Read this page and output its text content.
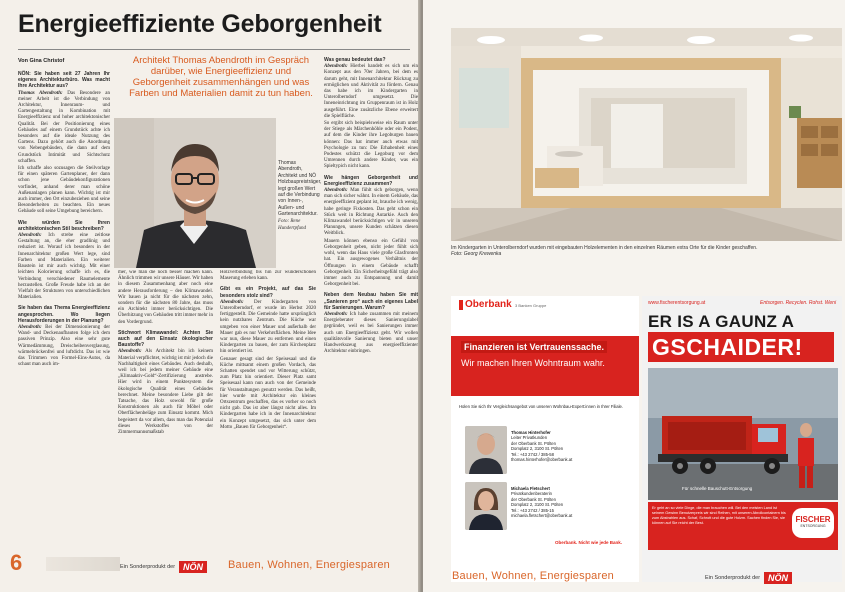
Energieeffiziente Geborgenheit
Von Gina Christof

NÖN: Sie haben seit 27 Jahren Ihr eigenes Architekturbüro. Was macht Ihre Architektur aus?

Thomas Abendroth: Das Besondere an meiner Arbeit ist die Verbindung von Architektur, Innenraum- und Gartengestaltung in Kombination mit Energieeffizienz und hoher architektonischer Qualität. Bei der Positionierung eines Gebäudes auf einem Grundstück achte ich besonders auf die ideale Nutzung des Gartens. Dazu gehört auch die Anordnung von Nebengebäuden, die dann auf dem Grundstück Intimität und Sichtschutz schaffen.

Ich schaffe also sozusagen die Steilvorlage für einen späteren Gartenplaner, der dann schon jene Gebäudekonfigurationen vorfindet, anhand derer man schöne Außenanlagen planen kann. Wichtig ist mir auch immer, den Ort einzubeziehen und seine Besonderheiten zu beachten. Ein neues Gebäude soll seine Umgebung bereichern.

Wie würden Sie Ihren architektonischen Stil beschreiben?

Abendroth: Ich strebe eine zeitlose Gestaltung an, die eher gradlinig und reduziert ist. Worauf ich besonders in der Innenarchitektur großen Wert lege, sind Farben und Materialien. Ein weiterer Baustein ist mir auch wichtig. Mit einer leichten Kolorierung schaffe ich es, die Verbindung verschiedener Raumelemente herzustellen. Große Freude habe ich an der Vielfalt der Strukturen von unterschiedlichen Materialien.

Sie haben das Thema Energieeffizienz angesprochen. Wo liegen Herausforderungen in der Planung?

Abendroth: Bei der Dimensionierung der Wand- und Deckenaufbauten folge ich dem passiven Prinzip. Also eine sehr gute Wärmedämmung, Dreischeibenverglasung, wärmebrückenfrei und luftdicht. Das ist wie das Trimmen von Formel-Eins-Autos, da schaut man auch im-

Architekt Thomas Abendroth im Gespräch darüber, wie Energieeffizienz und Geborgenheit zusammenhängen und was Farben und Materialien damit zu tun haben.
Thomas Abendroth, Architekt und NÖ Holzbaupreisträger, legt großen Wert auf die Verbindung von Innen-, Außen- und Gartenarchitektur. Foto: Rene Hundertpfund

mer, wie man die noch besser machen kann. Ähnlich trimmen wir unsere Häuser. Wir haben in diesem Zusammenhang aber noch eine andere Herausforderung – den Klimawandel. Wir bauen ja nicht für die nächsten zehn, sondern für die nächsten 80 Jahre, das muss ein Architekt immer berücksichtigen. Die Überhitzung von Gebäuden tritt immer mehr in den Vordergrund.

Stichwort Klimawandel: Achten Sie auch auf den Einsatz ökologischer Baustoffe?

Abendroth: Als Architekt bin ich keinem Material verpflichtet, wichtig ist mir jedoch die Nachhaltigkeit eines Gebäudes. Auch deshalb, weil ich bei jedem meiner Gebäude eine „Klimaaktiv-Gold“-Zertifizierung anstrebe. Hier wird in einem Punktesystem die ökologische Qualität eines Gebäudes berechnet. Meine besondere Liebe gilt der Tatsache, das Holz sowohl für große Konstruktionen als auch für Möbel oder Oberflächenbeläge zum Einsatz kommt. Mich begeistert da vor allem, dass man das Potenzial dieses Werkstoffes von der Zimmermannsmaßstab

Holzverbindung bis hin zur wunderschönen Maserung erleben kann.

Gibt es ein Projekt, auf das Sie besonders stolz sind?

Abendroth: Der Kindergarten von Unterolberndorf, er wurde im Herbst 2020 fertiggestellt. Die Gemeinde hatte ursprünglich kein nutzbares Zentrum. Die Küche war umgeben von einer Mauer und außerhalb der Mauer gab es nur Verkehrsflächen. Meine Idee war nun, diese Mauer zu entfernen und einen Kindergarten zu bauen, der zum Kirchenplatz hin orientiert ist.

Genauer gesagt sind der Speisesaal und die Küche mittsamt einem großen Vordach, das Schatten spendet und vor Witterung schützt, zum Platz hin orientiert. Dieser Platz samt Speisesaal kann nun auch von der Gemeinde für Veranstaltungen genutzt werden. Das heißt, hier wurde mit Architektur ein kleines Ortszentrum geschaffen, das es vorher so noch nicht gab. Das ist aber längst nicht alles. Im Kindergarten habe ich in der Innenarchitektur ein Konzept umgesetzt, das sich unter dem Motto „Bauen für Geborgenheit“.

Was genau bedeutet das?

Abendroth: Hierbei handelt es sich um ein Konzept aus den 70er Jahren, bei dem es darum geht, mit Innenarchitektur Rückzug zu ermöglichen und Aktivität zu fördern. Genau das habe ich im Kindergarten in Unterolberndorf umgesetzt. Die Inneneinrichtung im Gruppenraum ist in Holz ausgeführt. Eine zusätzliche Ebene erweitert die Spielfläche.

So ergibt sich beispielsweise ein Raum unter der Stiege als Märchenhöhle oder ein Podest, auf dem die Kinder ihre Legoburgen bauen können: Das hat immer auch etwas mit Psychologie zu tun: Die Erhabenheit eines Podestes schützt die Legoburg vor dem Umrennen durch andere Kinder, was ein Spieltypich nicht kann.

Wie hängen Geborgenheit und Energieeffizienz zusammen?

Abendroth: Man fühlt sich geborgen, wenn man sich sicher wähnt. In einem Gebäude, das energieeffizient geplant ist, brauche ich wenig, habe geringe Fixkosten. Das geht schon ein Stück weit in Richtung Autarkie. Auch den Klimawandel berücksichtigen wir in unseren Planungen, unsere Kunden schätzen diesen Weitblick.

Mauern können ebenso ein Gefühl von Geborgenheit geben, nicht jeder fühlt sich wohl, wenn das Haus viele große Glasfronten hat. Ein ausgewogenes Verhältnis der Öffnungen in einem Gebäude schafft Geborgenheit. Ein Sicherheitsgefühl trägt also immer auch zu Entspannung und damit Geborgenheit bei.

Neben dem Neubau haben Sie mit „Sanieren pro“ auch ein eigenes Label für Sanierungen. Warum?

Abendroth: Ich habe zusammen mit meinem Energieberater dieses Sanierungslabel gegründet, weil es bei Sanierungen immer auch um Energieeffizienz geht. Wir wollen qualitätsvolle Sanierung bieten und unser Handwerkszeug aus energieeffizienter Architektur einbringen.

6	Ein Sonderprodukt der NÖN	Bauen, Wohnen, Energiesparen
Im Kindergarten in Unterolberndorf wurden mit eingebauten Holzelementen in den einzelnen Räumen extra Orte für die Kinder geschaffen.
Foto: Georg Krewenka
Oberbank 3 Banken Gruppe
Finanzieren ist Vertrauenssache.
Wir machen Ihren Wohntraum wahr.
Holen Sie sich Ihr Vergleichsangebot von unseren Wohnbau-Expert:innen in Ihrer Filiale.
Thomas Hinterhofer
Leiter Privatkunden
der Oberbank St. Pölten
Domplatz 2, 3100 St. Pölten
Tel.: +43 2742 / 385-58
thomas.hinterhofer@oberbank.at
Michaela Fletschert
Privatkundenberaterin
der Oberbank St. Pölten
Domplatz 2, 3100 St. Pölten
Tel.: +43 2742 / 385-15
michaela.fletschert@oberbank.at
Oberbank. Nicht wie jede Bank.
www.fischerentsorgung.at	Entsorgen. Recyclen. Rohst. Weni
ER IS A GAUNZ A
GSCHAIDER!
Für schnelle Bauschutt-Entsorgung
Er geht an so viele Dinge, die man brauchen will. Bei den meisten Land ist seinem Gewinn Benutzerpreis wir sind Reihen, mit unseren Abrollcontainern bis zum Abstrahlen aus. Schaf, Schrott und die gute Holzm. Sachen finden Sie, sie können auf Sie reicht der Best.	FISCHER
ENTSORGUNG
Bauen, Wohnen, Energiesparen	Ein Sonderprodukt der NÖN
